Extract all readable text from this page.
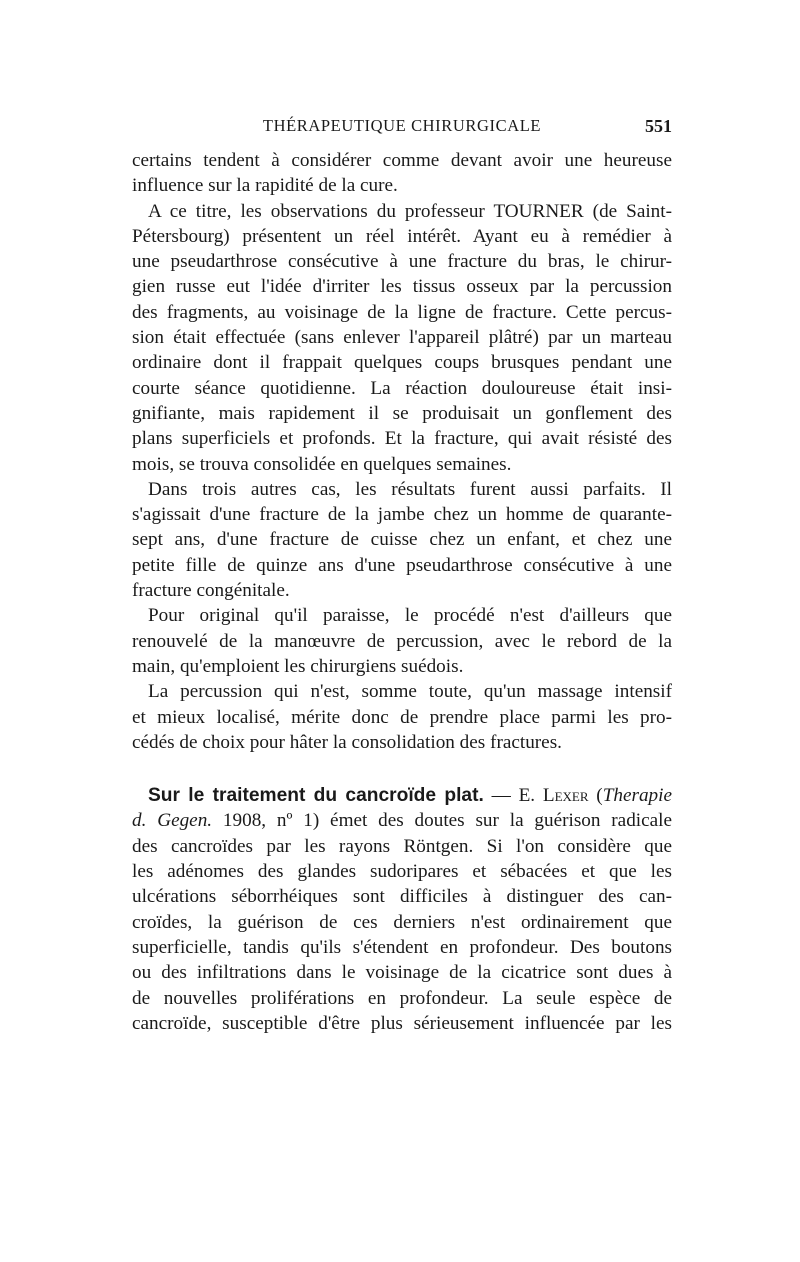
THÉRAPEUTIQUE CHIRURGICALE	551

certains tendent à considérer comme devant avoir une heureuse
influence sur la rapidité de la cure.

A ce titre, les observations du professeur TOURNER (de Saint-
Pétersbourg) présentent un réel intérêt. Ayant eu à remédier à
une pseudarthrose consécutive à une fracture du bras, le chirur-
gien russe eut l'idée d'irriter les tissus osseux par la percussion
des fragments, au voisinage de la ligne de fracture. Cette percus-
sion était effectuée (sans enlever l'appareil plâtré) par un marteau
ordinaire dont il frappait quelques coups brusques pendant une
courte séance quotidienne. La réaction douloureuse était insi-
gnifiante, mais rapidement il se produisait un gonflement des
plans superficiels et profonds. Et la fracture, qui avait résisté des
mois, se trouva consolidée en quelques semaines.

Dans trois autres cas, les résultats furent aussi parfaits. Il
s'agissait d'une fracture de la jambe chez un homme de quarante-
sept ans, d'une fracture de cuisse chez un enfant, et chez une
petite fille de quinze ans d'une pseudarthrose consécutive à une
fracture congénitale.

Pour original qu'il paraisse, le procédé n'est d'ailleurs que
renouvelé de la manœuvre de percussion, avec le rebord de la
main, qu'emploient les chirurgiens suédois.

La percussion qui n'est, somme toute, qu'un massage intensif
et mieux localisé, mérite donc de prendre place parmi les pro-
cédés de choix pour hâter la consolidation des fractures.

Sur le traitement du cancroïde plat. — E. Lexer (Therapie
d. Gegen. 1908, nº 1) émet des doutes sur la guérison radicale
des cancroïdes par les rayons Röntgen. Si l'on considère que
les adénomes des glandes sudoripares et sébacées et que les
ulcérations séborrhéiques sont difficiles à distinguer des can-
croïdes, la guérison de ces derniers n'est ordinairement que
superficielle, tandis qu'ils s'étendent en profondeur. Des boutons
ou des infiltrations dans le voisinage de la cicatrice sont dues à
de nouvelles proliférations en profondeur. La seule espèce de
cancroïde, susceptible d'être plus sérieusement influencée par les
